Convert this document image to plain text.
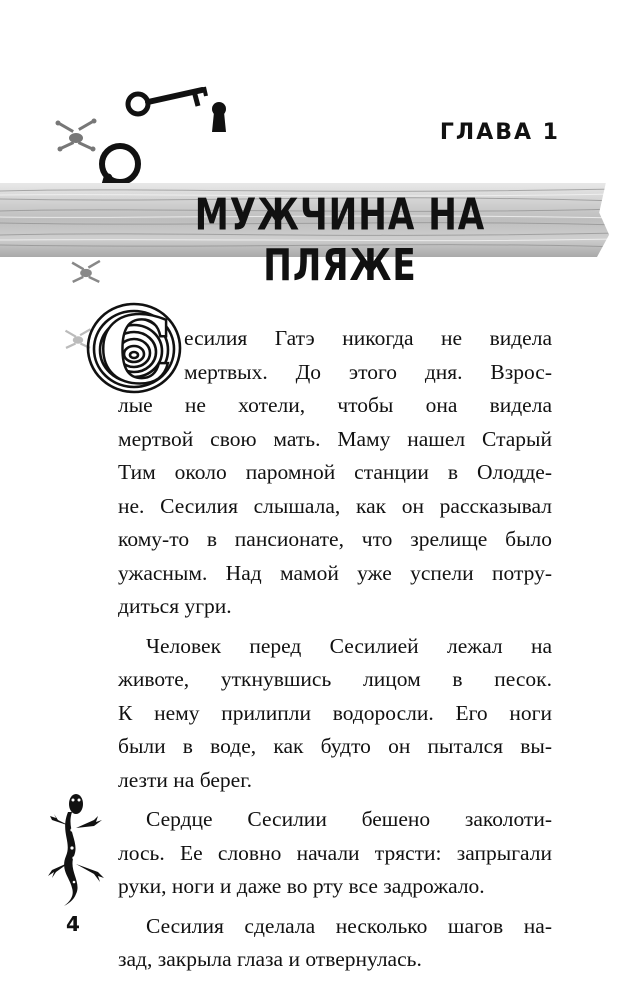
ГЛАВА 1
МУЖЧИНА НА ПЛЯЖЕ
С есилия Гатэ никогда не видела
мертвых. До этого дня. Взрос-
лые не хотели, чтобы она видела
мертвой свою мать. Маму нашел Старый
Тим около паромной станции в Олодде-
не. Сесилия слышала, как он рассказывал
кому-то в пансионате, что зрелище было
ужасным. Над мамой уже успели потру-
диться угри.
Человек перед Сесилией лежал на
животе, уткнувшись лицом в песок.
К нему прилипли водоросли. Его ноги
были в воде, как будто он пытался вы-
лезти на берег.
Сердце Сесилии бешено заколоти-
лось. Ее словно начали трясти: запрыгали
руки, ноги и даже во рту все задрожало.
Сесилия сделала несколько шагов на-
зад, закрыла глаза и отвернулась.
4
